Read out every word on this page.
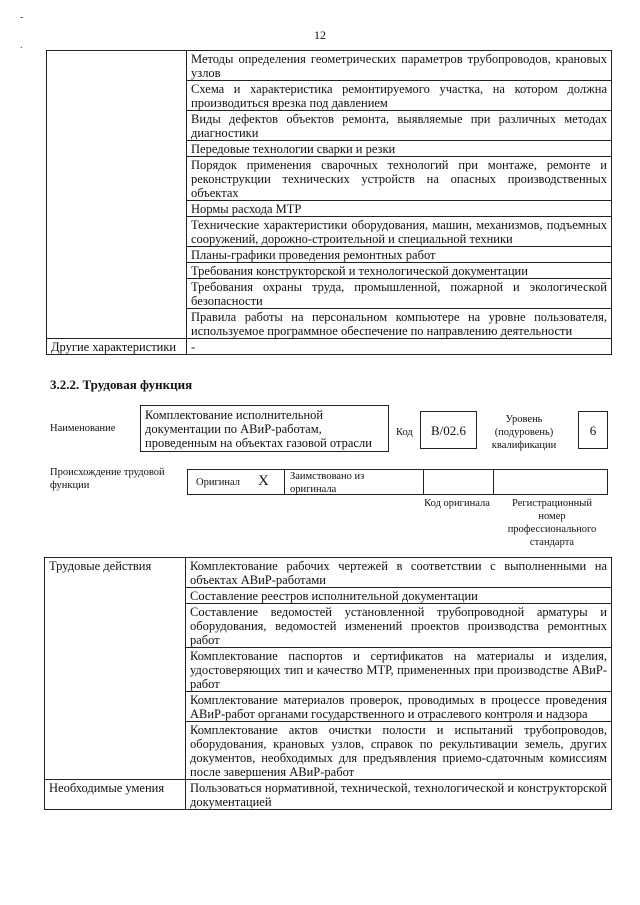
12
-
.
	Методы определения геометрических параметров трубопроводов, крановых узлов
	Схема и характеристика ремонтируемого участка, на котором должна производиться врезка под давлением
	Виды дефектов объектов ремонта, выявляемые при различных методах диагностики
	Передовые технологии сварки и резки
	Порядок применения сварочных технологий при монтаже, ремонте и реконструкции технических устройств на опасных производственных объектах
	Нормы расхода МТР
	Технические характеристики оборудования, машин, механизмов, подъемных сооружений, дорожно-строительной и специальной техники
	Планы-графики проведения ремонтных работ
	Требования конструкторской и технологической документации
	Требования охраны труда, промышленной, пожарной и экологической безопасности
	Правила работы на персональном компьютере на уровне пользователя, используемое программное обеспечение по направлению деятельности
Другие характеристики	-
3.2.2. Трудовая функция
Наименование
Комплектование исполнительной документации по АВиР-работам, проведенным на объектах газовой отрасли
Код	В/02.6
Уровень (подуровень) квалификации
6
Происхождение трудовой функции	Оригинал X Заимствовано из оригинала
Код оригинала	Регистрационный номер профессионального стандарта
Трудовые действия	Комплектование рабочих чертежей в соответствии с выполненными на объектах АВиР-работами
	Составление реестров исполнительной документации
	Составление ведомостей установленной трубопроводной арматуры и оборудования, ведомостей изменений проектов производства ремонтных работ
	Комплектование паспортов и сертификатов на материалы и изделия, удостоверяющих тип и качество МТР, примененных при производстве АВиР-работ
	Комплектование материалов проверок, проводимых в процессе проведения АВиР-работ органами государственного и отраслевого контроля и надзора
	Комплектование актов очистки полости и испытаний трубопроводов, оборудования, крановых узлов, справок по рекультивации земель, других документов, необходимых для предъявления приемо-сдаточным комиссиям после завершения АВиР-работ
Необходимые умения	Пользоваться нормативной, технической, технологической и конструкторской документацией
